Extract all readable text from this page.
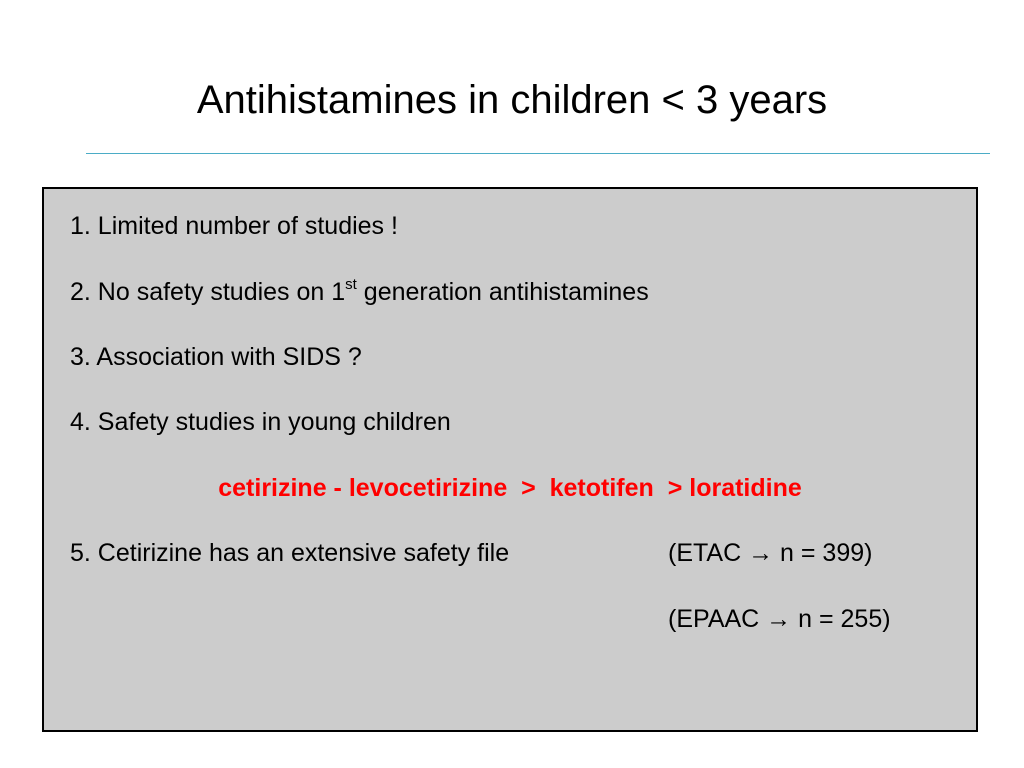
Antihistamines in children < 3 years
1. Limited number of studies !
2. No safety studies on 1st generation antihistamines
3. Association with SIDS ?
4. Safety studies in young children
cetirizine - levocetirizine  >  ketotifen  > loratidine
5. Cetirizine has an extensive safety file	(ETAC → n = 399)
(EPAAC → n = 255)
